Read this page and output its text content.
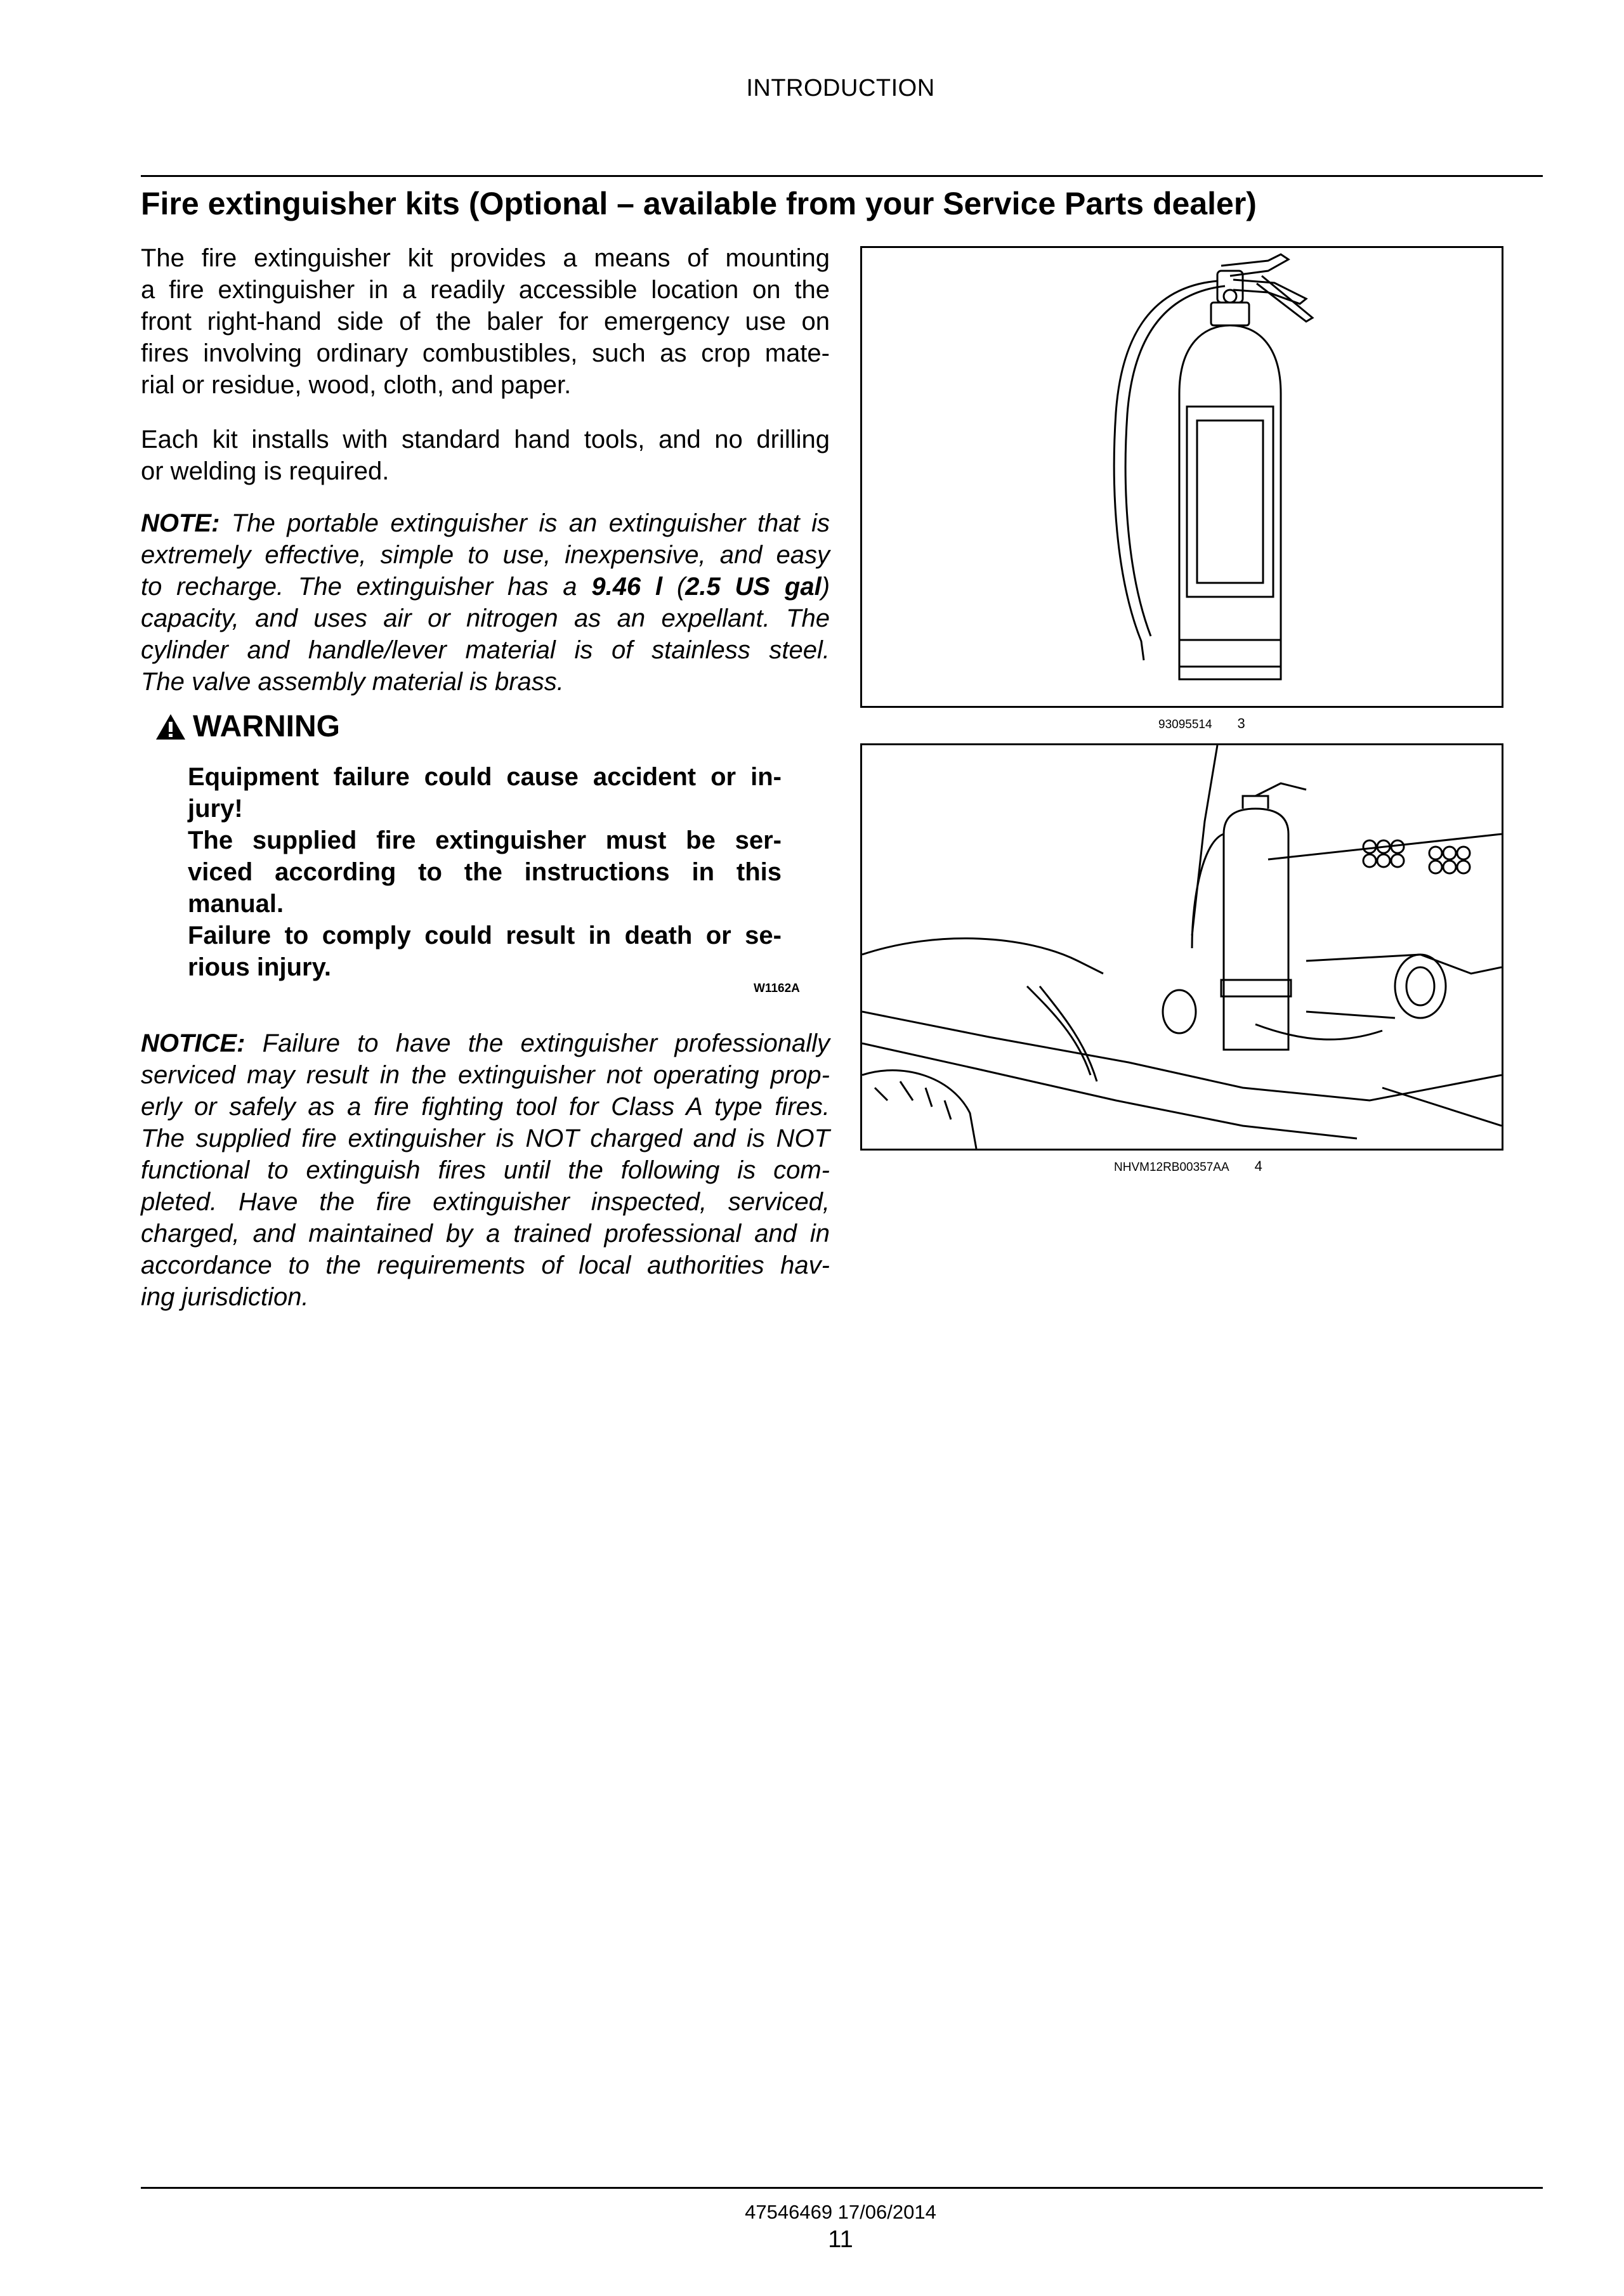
INTRODUCTION
Fire extinguisher kits (Optional – available from your Service Parts dealer)

The fire extinguisher kit provides a means of mounting
a fire extinguisher in a readily accessible location on the
front right-hand side of the baler for emergency use on
fires involving ordinary combustibles, such as crop mate-
rial or residue, wood, cloth, and paper.

Each kit installs with standard hand tools, and no drilling
or welding is required.

NOTE: The portable extinguisher is an extinguisher that is
extremely effective, simple to use, inexpensive, and easy
to recharge. The extinguisher has a 9.46 l (2.5 US gal)
capacity, and uses air or nitrogen as an expellant. The
cylinder and handle/lever material is of stainless steel.
The valve assembly material is brass.

WARNING

Equipment failure could cause accident or in-
jury!
The supplied fire extinguisher must be ser-
viced according to the instructions in this
manual.
Failure to comply could result in death or se-
rious injury.

W1162A

NOTICE: Failure to have the extinguisher professionally
serviced may result in the extinguisher not operating prop-
erly or safely as a fire fighting tool for Class A type fires.
The supplied fire extinguisher is NOT charged and is NOT
functional to extinguish fires until the following is com-
pleted. Have the fire extinguisher inspected, serviced,
charged, and maintained by a trained professional and in
accordance to the requirements of local authorities hav-
ing jurisdiction.

93095514 3
NHVM12RB00357AA 4
47546469 17/06/2014
11
